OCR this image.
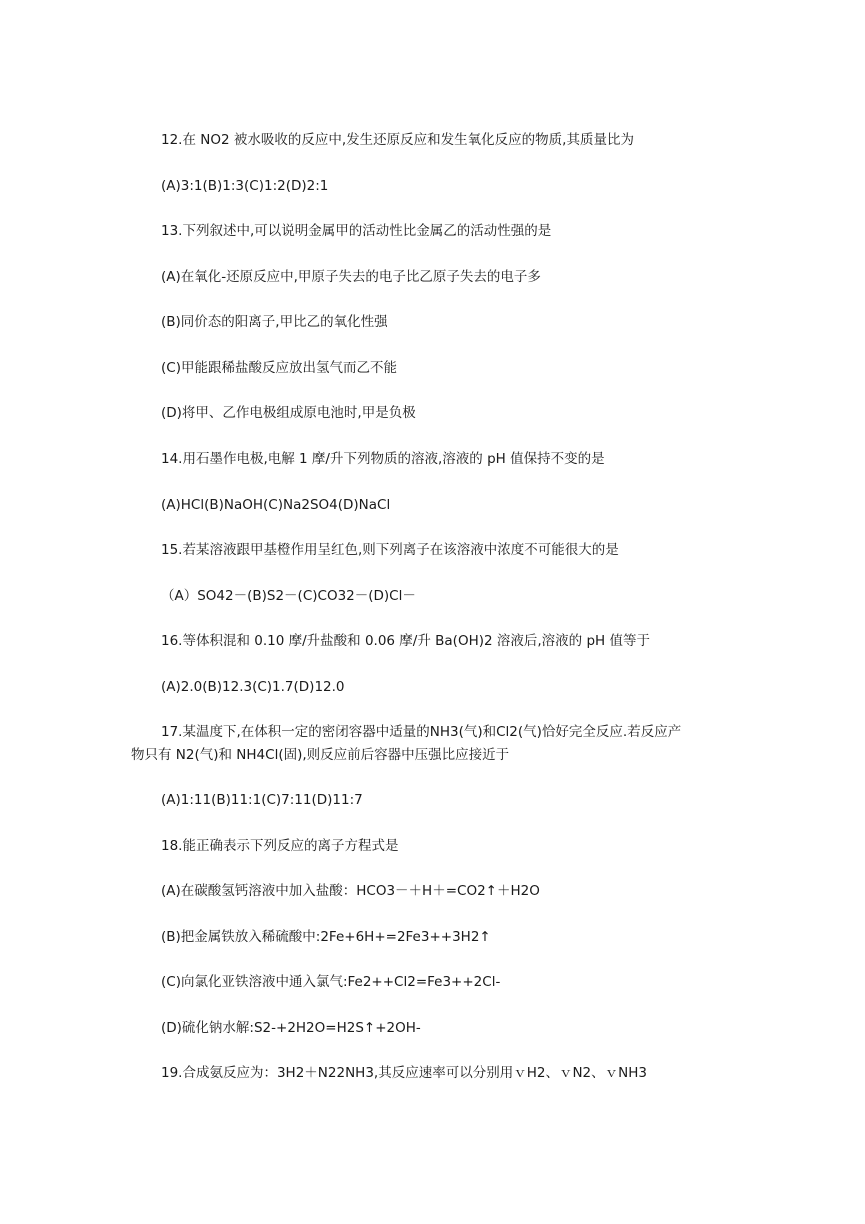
12.在 NO2 被水吸收的反应中,发生还原反应和发生氧化反应的物质,其质量比为

(A)3:1(B)1:3(C)1:2(D)2:1

13.下列叙述中,可以说明金属甲的活动性比金属乙的活动性强的是

(A)在氧化-还原反应中,甲原子失去的电子比乙原子失去的电子多

(B)同价态的阳离子,甲比乙的氧化性强

(C)甲能跟稀盐酸反应放出氢气而乙不能

(D)将甲、乙作电极组成原电池时,甲是负极

14.用石墨作电极,电解 1 摩/升下列物质的溶液,溶液的 pH 值保持不变的是

(A)HCl(B)NaOH(C)Na2SO4(D)NaCl

15.若某溶液跟甲基橙作用呈红色,则下列离子在该溶液中浓度不可能很大的是

（A）SO42－(B)S2－(C)CO32－(D)Cl－

16.等体积混和 0.10 摩/升盐酸和 0.06 摩/升 Ba(OH)2 溶液后,溶液的 pH 值等于

(A)2.0(B)12.3(C)1.7(D)12.0

17.某温度下,在体积一定的密闭容器中适量的NH3(气)和Cl2(气)恰好完全反应.若反应产

物只有 N2(气)和 NH4Cl(固),则反应前后容器中压强比应接近于

(A)1:11(B)11:1(C)7:11(D)11:7

18.能正确表示下列反应的离子方程式是

(A)在碳酸氢钙溶液中加入盐酸：HCO3－＋H＋=CO2↑＋H2O

(B)把金属铁放入稀硫酸中:2Fe+6H+=2Fe3++3H2↑

(C)向氯化亚铁溶液中通入氯气:Fe2++Cl2=Fe3++2Cl-

(D)硫化钠水解:S2-+2H2O=H2S↑+2OH-

19.合成氨反应为：3H2＋N22NH3,其反应速率可以分别用ｖH2、ｖN2、ｖNH3
